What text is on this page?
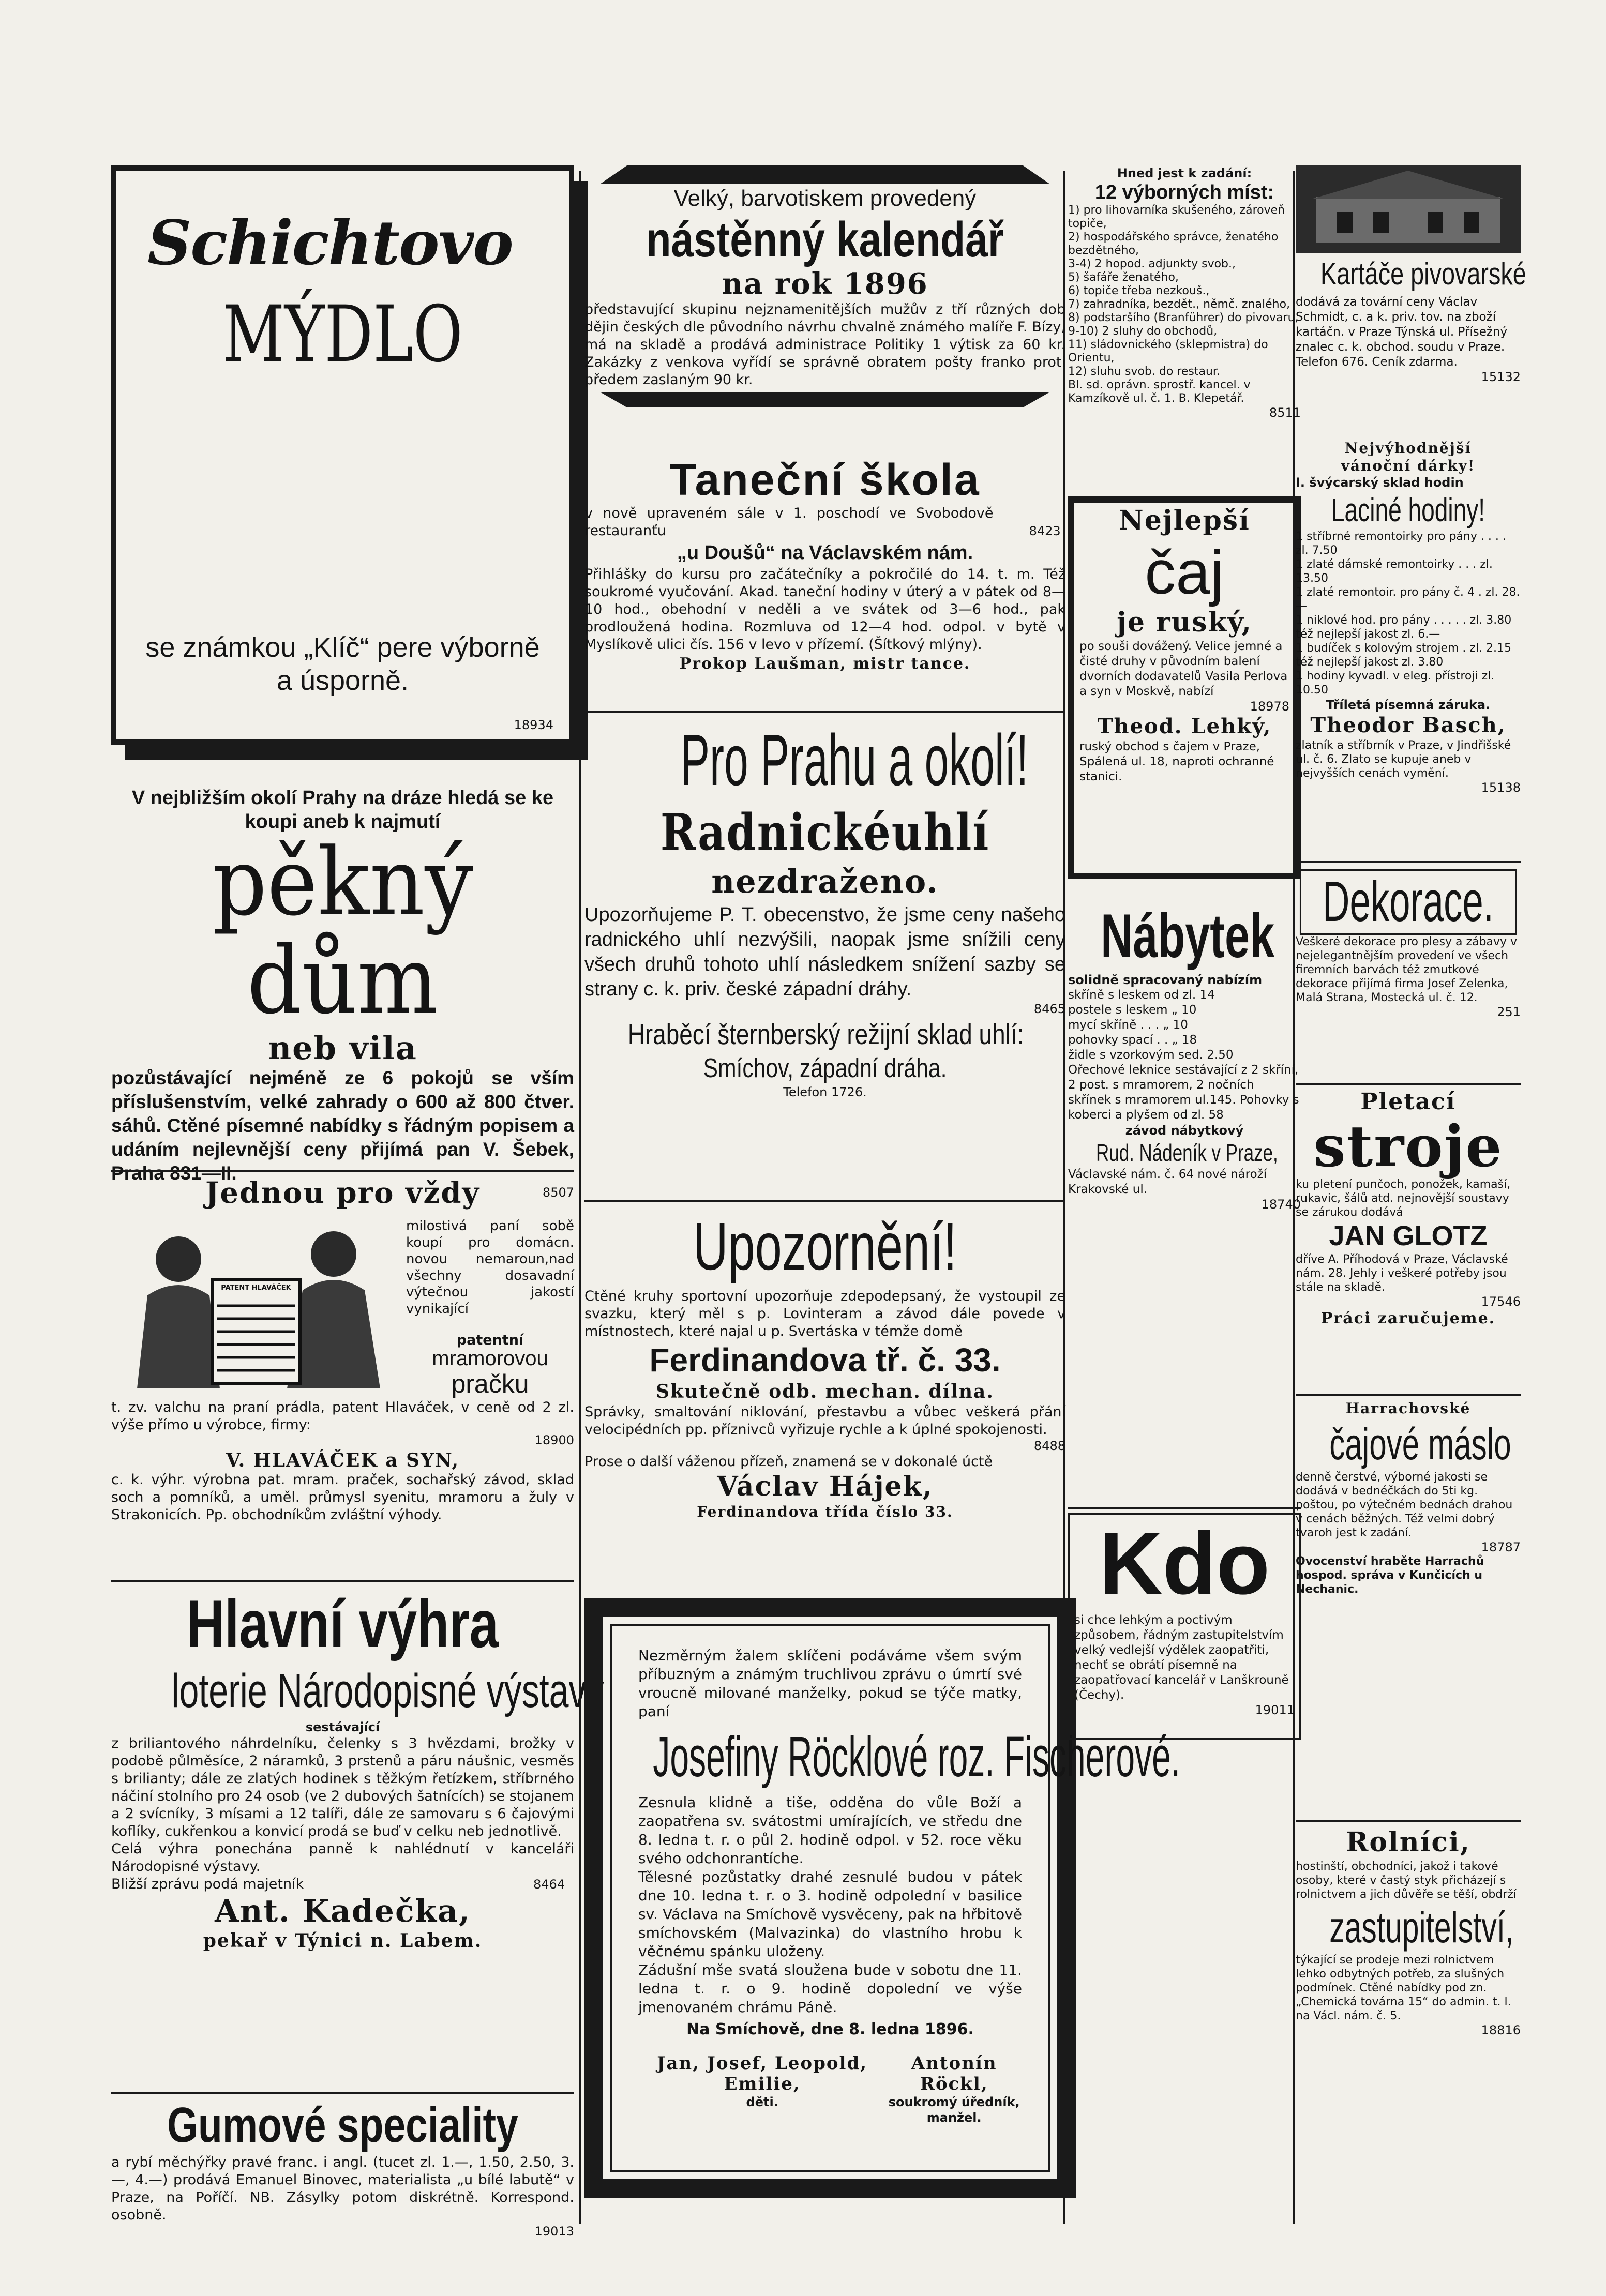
Schichtovo
MÝDLO
se známkou „Klíč“ pere výborně a úsporně.
18934
V nejbližším okolí Prahy na dráze hledá se ke koupi aneb k najmutí
pěkný dům
neb vila
pozůstávající nejméně ze 6 pokojů se vším příslušenstvím, velké zahrady o 600 až 800 čtver. sáhů. Ctěné písemné nabídky s řádným popisem a udáním nejlevnější ceny přijímá pan V. Šebek, Praha 831—II.
8507
Jednou pro vždy
PATENT HLAVÁČEK
milostivá paní sobě koupí pro domácn. novou nemaroun,nad všechny dosavadní výtečnou jakostí vynikající
patentní
mramorovou
pračku
t. zv. valchu na praní prádla, patent Hlaváček, v ceně od 2 zl. výše přímo u výrobce, firmy:
18900
V. HLAVÁČEK a SYN,
c. k. výhr. výrobna pat. mram. praček, sochařský závod, sklad soch a pomníků, a uměl. průmysl syenitu, mramoru a žuly v Strakonicích. Pp. obchodníkům zvláštní výhody.
Hlavní výhra
loterie Národopisné výstavy
sestávající
z briliantového náhrdelníku, čelenky s 3 hvězdami, brožky v podobě půlměsíce, 2 náramků, 3 prstenů a páru náušnic, vesměs s brilianty; dále ze zlatých hodinek s těžkým řetízkem, stříbrného náčiní stolního pro 24 osob (ve 2 dubových šatnících) se stojanem a 2 svícníky, 3 mísami a 12 talíři, dále ze samovaru s 6 čajovými koflíky, cukřenkou a konvicí prodá se buď v celku neb jednotlivě.
Celá výhra ponechána panně k nahlédnutí v kanceláři Národopisné výstavy.
Bližší zprávu podá majetník	8464
Ant. Kadečka,
pekař v Týnici n. Labem.
Gumové speciality
a rybí měchýřky pravé franc. i angl. (tucet zl. 1.—, 1.50, 2.50, 3.—, 4.—) prodává Emanuel Binovec, materialista „u bílé labutě“ v Praze, na Poříčí. NB. Zásylky potom diskrétně. Korrespond. osobně.
19013
Velký, barvotiskem provedený
nástěnný kalendář
na rok 1896
představující skupinu nejznamenitějších mužův z tří různých dob dějin českých dle původního návrhu chvalně známého malíře F. Bízy, má na skladě a prodává administrace Politiky 1 výtisk za 60 kr. Zakázky z venkova vyřídí se správně obratem pošty franko proti předem zaslaným 90 kr.
Taneční škola
v nově upraveném sále v 1. poschodí ve Svobodově restauranťu	8423
„u Doušů“ na Václavském nám.
Přihlášky do kursu pro začátečníky a pokročilé do 14. t. m. Též soukromé vyučování. Akad. taneční hodiny v úterý a v pátek od 8—10 hod., obehodní v neděli a ve svátek od 3—6 hod., pak prodloužená hodina. Rozmluva od 12—4 hod. odpol. v bytě v Myslíkově ulici čís. 156 v levo v přízemí. (Šítkový mlýny).
Prokop Laušman, mistr tance.
Pro Prahu a okolí!
Radnickéuhlí
nezdraženo.
Upozorňujeme P. T. obecenstvo, že jsme ceny našeho radnického uhlí nezvýšili, naopak jsme snížili ceny všech druhů tohoto uhlí následkem snížení sazby se strany c. k. priv. české západní dráhy.
8465
Hraběcí šternberský režijní sklad uhlí:
Smíchov, západní dráha.
Telefon 1726.
Upozornění!
Ctěné kruhy sportovní upozorňuje zdepodepsaný, že vystoupil ze svazku, který měl s p. Lovinteram a závod dále povede v místnostech, které najal u p. Svertáska v témže domě
Ferdinandova tř. č. 33.
Skutečně odb. mechan. dílna.
Správky, smaltování niklování, přestavbu a vůbec veškerá přání velocipédních pp. příznivců vyřizuje rychle a k úplné spokojenosti.
8488
Prose o další váženou přízeň, znamená se v dokonalé úctě
Václav Hájek,
Ferdinandova třída číslo 33.
Nezměrným žalem sklíčeni podáváme všem svým příbuzným a známým truchlivou zprávu o úmrtí své vroucně milované manželky, pokud se týče matky, paní
Josefiny Röcklové roz. Fischerové.
Zesnula klidně a tiše, odděna do vůle Boží a zaopatřena sv. svátostmi umírajících, ve středu dne 8. ledna t. r. o půl 2. hodině odpol. v 52. roce věku svého odchonrantíche.
Tělesné pozůstatky drahé zesnulé budou v pátek dne 10. ledna t. r. o 3. hodině odpolední v basilice sv. Václava na Smíchově vysvěceny, pak na hřbitově smíchovském (Malvazinka) do vlastního hrobu k věčnému spánku uloženy.
Zádušní mše svatá sloužena bude v sobotu dne 11. ledna t. r. o 9. hodině dopolední ve výše jmenovaném chrámu Páně.
Na Smíchově, dne 8. ledna 1896.
Jan, Josef, Leopold, Emilie,
děti.
Antonín Röckl,
soukromý úředník,
manžel.
Hned jest k zadání:
12 výborných míst:
1) pro lihovarníka skušeného, zároveň topiče,
2) hospodářského správce, ženatého bezdětného,
3-4) 2 hopod. adjunkty svob.,
5) šafáře ženatého,
6) topiče třeba nezkouš.,
7) zahradníka, bezdět., němč. znalého,
8) podstaršího (Branführer) do pivovaru,
9-10) 2 sluhy do obchodů,
11) sládovnického (sklepmistra) do Orientu,
12) sluhu svob. do restaur.
Bl. sd. oprávn. sprostř. kancel. v Kamzíkově ul. č. 1. B. Klepetář.
8511
Nejlepší
čaj
je ruský,
po souši dovážený. Velice jemné a čisté druhy v původním balení dvorních dodavatelů Vasila Perlova a syn v Moskvě, nabízí
18978
Theod. Lehký,
ruský obchod s čajem v Praze, Spálená ul. 18, naproti ochranné stanici.
Nábytek
solidně spracovaný nabízím
skříně s leskem od zl. 14
postele s leskem „ 10
mycí skříně . . . „ 10
pohovky spací . . „ 18
židle s vzorkovým sed. 2.50
Ořechové leknice sestávající z 2 skříní, 2 post. s mramorem, 2 nočních skřínek s mramorem ul.145. Pohovky s koberci a plyšem od zl. 58
závod nábytkový
Rud. Nádeník v Praze,
Václavské nám. č. 64 nové nároží Krakovské ul.
18740
Kdo
si chce lehkým a poctivým způsobem, řádným zastupitelstvím velký vedlejší výdělek zaopatřiti, nechť se obrátí písemně na zaopatřovací kancelář v Lanškrouně (Čechy).
19011
Kartáče pivovarské
dodává za tovární ceny Václav Schmidt, c. a k. priv. tov. na zboží kartáčn. v Praze Týnská ul. Přísežný znalec c. k. obchod. soudu v Praze. Telefon 676. Ceník zdarma.
15132
Nejvýhodnější
vánoční dárky!
I. švýcarský sklad hodin
Laciné hodiny!
1 stříbrné remontoirky pro pány . . . . zl. 7.50
1 zlaté dámské remontoirky . . . zl. 13.50
1 zlaté remontoir. pro pány č. 4 . zl. 28.—
1 niklové hod. pro pány . . . . . zl. 3.80
též nejlepší jakost zl. 6.—
1 budíček s kolovým strojem . zl. 2.15
též nejlepší jakost zl. 3.80
1 hodiny kyvadl. v eleg. přístroji zl. 10.50
Tříletá písemná záruka.
Theodor Basch,
zlatník a stříbrník v Praze, v Jindřišské ul. č. 6. Zlato se kupuje aneb v nejvyšších cenách vymění.
15138
Dekorace.
Veškeré dekorace pro plesy a zábavy v nejelegantnějším provedení ve všech firemních barvách též zmutkové dekorace přijímá firma Josef Zelenka, Malá Strana, Mostecká ul. č. 12.
251
Pletací
stroje
ku pletení punčoch, ponožek, kamaší, rukavic, šálů atd. nejnovější soustavy se zárukou dodává
JAN GLOTZ
dříve A. Příhodová v Praze, Václavské nám. 28. Jehly i veškeré potřeby jsou stále na skladě.
17546
Práci zaručujeme.
Harrachovské
čajové máslo
denně čerstvé, výborné jakosti se dodává v bednéčkách do 5ti kg. poštou, po výtečném bednách drahou v cenách běžných. Též velmi dobrý tvaroh jest k zadání.
18787
Ovocenství hraběte Harrachů hospod. správa v Kunčicích u Nechanic.
Rolníci,
hostinští, obchodníci, jakož i takové osoby, které v častý styk přicházejí s rolnictvem a jich důvěře se těší, obdrží
zastupitelství,
týkající se prodeje mezi rolnictvem lehko odbytných potřeb, za slušných podmínek. Ctěné nabídky pod zn. „Chemická továrna 15“ do admin. t. l. na Václ. nám. č. 5.
18816
